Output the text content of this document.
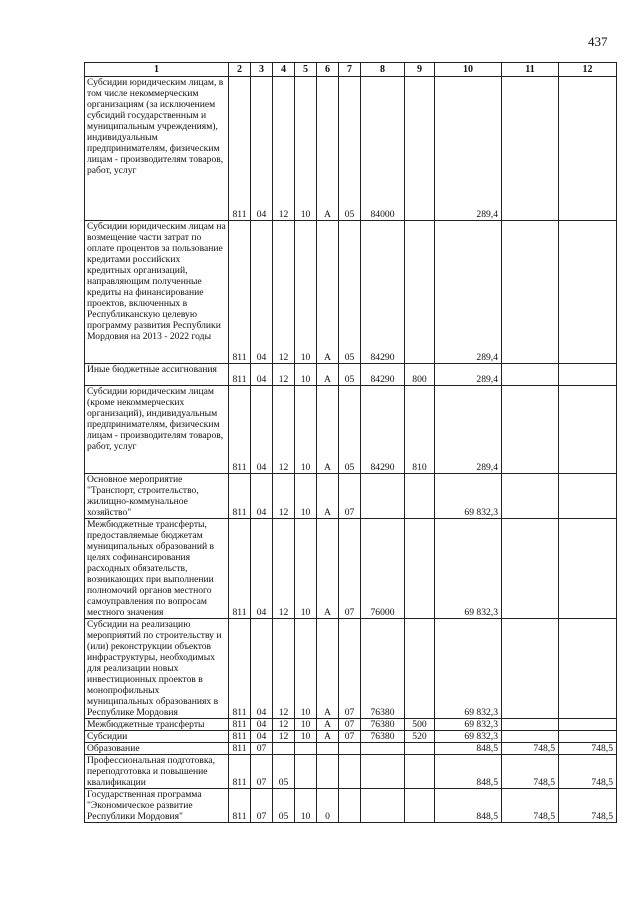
437
1	2	3	4	5	6	7	8	9	10	11	12
Субсидии юридическим лицам, в том числе некоммерческим организациям (за исключением субсидий государственным и муниципальным учреждениям), индивидуальным предпринимателям, физическим лицам - производителям товаров, работ, услуг	811	04	12	10	А	05	84000		289,4		
Субсидии юридическим лицам на возмещение части затрат по оплате процентов за пользование кредитами российских кредитных организаций, направляющим полученные кредиты на финансирование проектов, включенных в Республиканскую целевую программу развития Республики Мордовия на 2013 - 2022 годы	811	04	12	10	А	05	84290		289,4		
Иные бюджетные ассигнования	811	04	12	10	А	05	84290	800	289,4		
Субсидии юридическим лицам (кроме некоммерческих организаций), индивидуальным предпринимателям, физическим лицам - производителям товаров, работ, услуг	811	04	12	10	А	05	84290	810	289,4		
Основное мероприятие "Транспорт, строительство, жилищно-коммунальное хозяйство"	811	04	12	10	А	07			69 832,3		
Межбюджетные трансферты, предоставляемые бюджетам муниципальных образований в целях софинансирования расходных обязательств, возникающих при выполнении полномочий органов местного самоуправления по вопросам местного значения	811	04	12	10	А	07	76000		69 832,3		
Субсидии на реализацию мероприятий по строительству и (или) реконструкции объектов инфраструктуры, необходимых для реализации новых инвестиционных проектов в монопрофильных муниципальных образованиях в Республике Мордовия	811	04	12	10	А	07	76380		69 832,3		
Межбюджетные трансферты	811	04	12	10	А	07	76380	500	69 832,3		
Субсидии	811	04	12	10	А	07	76380	520	69 832,3		
Образование	811	07							848,5	748,5	748,5
Профессиональная подготовка, переподготовка и повышение квалификации	811	07	05						848,5	748,5	748,5
Государственная программа "Экономическое развитие Республики Мордовия"	811	07	05	10	0				848,5	748,5	748,5
